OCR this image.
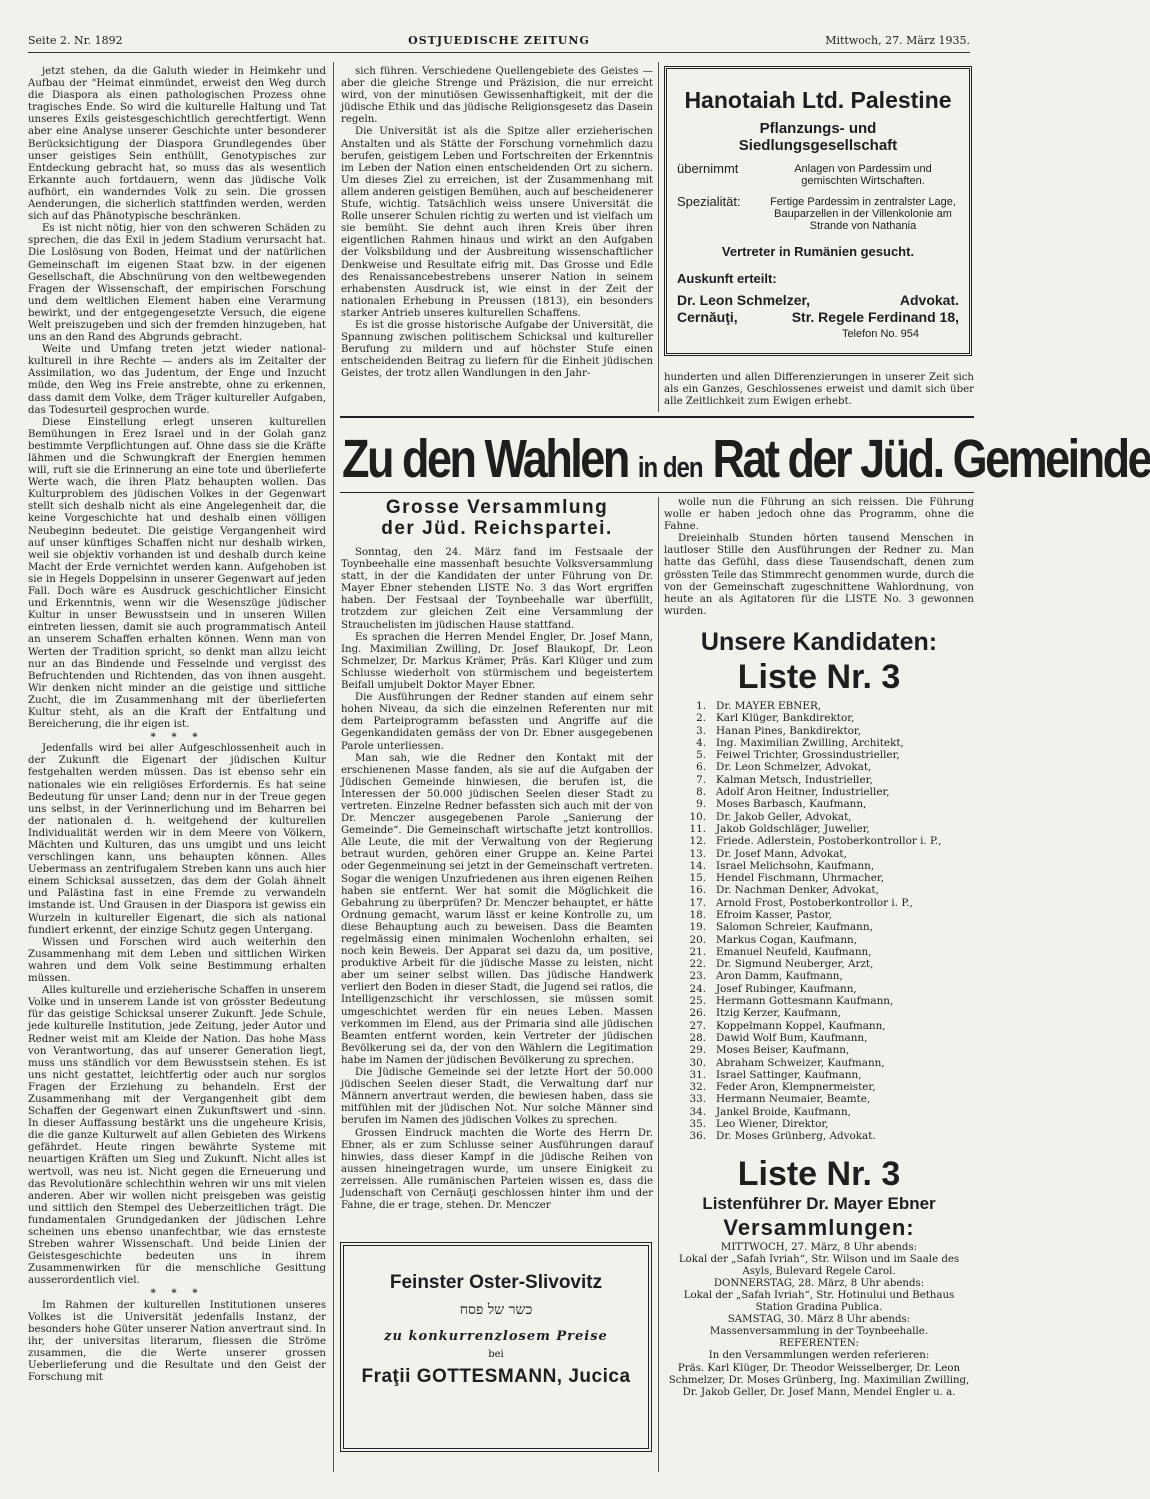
Seite 2. Nr. 1892	OSTJUEDISCHE ZEITUNG	Mittwoch, 27. März 1935.

jetzt stehen, da die Galuth wieder in Heimkehr und Aufbau der "Heimat einmündet, erweist den Weg durch die Diaspora als einen pathologischen Prozess ohne tragisches Ende. So wird die kulturelle Haltung und Tat unseres Exils geistesgeschichtlich gerechtfertigt. Wenn aber eine Analyse unserer Geschichte unter besonderer Berücksichtigung der Diaspora Grundlegendes über unser geistiges Sein enthüllt, Genotypisches zur Entdeckung gebracht hat, so muss das als wesentlich Erkannte auch fortdauern, wenn das jüdische Volk aufhört, ein wanderndes Volk zu sein. Die grossen Aenderungen, die sicherlich stattfinden werden, werden sich auf das Phänotypische beschränken.

Es ist nicht nötig, hier von den schweren Schäden zu sprechen, die das Exil in jedem Stadium verursacht hat. Die Loslösung von Boden, Heimat und der natürlichen Gemeinschaft im eigenen Staat bzw. in der eigenen Gesellschaft, die Abschnürung von den weltbewegenden Fragen der Wissenschaft, der empirischen Forschung und dem weltlichen Element haben eine Verarmung bewirkt, und der entgegengesetzte Versuch, die eigene Welt preiszugeben und sich der fremden hinzugeben, hat uns an den Rand des Abgrunds gebracht.

Weite und Umfang treten jetzt wieder national-kulturell in ihre Rechte — anders als im Zeitalter der Assimilation, wo das Judentum, der Enge und Inzucht müde, den Weg ins Freie anstrebte, ohne zu erkennen, dass damit dem Volke, dem Träger kultureller Aufgaben, das Todesurteil gesprochen wurde.

Diese Einstellung erlegt unseren kulturellen Bemühungen in Erez Israel und in der Golah ganz bestimmte Verpflichtungen auf. Ohne dass sie die Kräfte lähmen und die Schwungkraft der Energien hemmen will, ruft sie die Erinnerung an eine tote und überlieferte Werte wach, die ihren Platz behaupten wollen. Das Kulturproblem des jüdischen Volkes in der Gegenwart stellt sich deshalb nicht als eine Angelegenheit dar, die keine Vorgeschichte hat und deshalb einen völligen Neubeginn bedeutet. Die geistige Vergangenheit wird auf unser künftiges Schaffen nicht nur deshalb wirken, weil sie objektiv vorhanden ist und deshalb durch keine Macht der Erde vernichtet werden kann. Aufgehoben ist sie in Hegels Doppelsinn in unserer Gegenwart auf jeden Fall. Doch wäre es Ausdruck geschichtlicher Einsicht und Erkenntnis, wenn wir die Wesenszüge jüdischer Kultur in unser Bewusstsein und in unseren Willen eintreten liessen, damit sie auch programmatisch Anteil an unserem Schaffen erhalten können. Wenn man von Werten der Tradition spricht, so denkt man allzu leicht nur an das Bindende und Fesselnde und vergisst des Befruchtenden und Richtenden, das von ihnen ausgeht. Wir denken nicht minder an die geistige und sittliche Zucht, die im Zusammenhang mit der überlieferten Kultur steht, als an die Kraft der Entfaltung und Bereicherung, die ihr eigen ist.

* * *

Jedenfalls wird bei aller Aufgeschlossenheit auch in der Zukunft die Eigenart der jüdischen Kultur festgehalten werden müssen. Das ist ebenso sehr ein nationales wie ein religiöses Erfordernis. Es hat seine Bedeutung für unser Land; denn nur in der Treue gegen uns selbst, in der Verinnerlichung und im Beharren bei der nationalen d. h. weitgehend der kulturellen Individualität werden wir in dem Meere von Völkern, Mächten und Kulturen, das uns umgibt und uns leicht verschlingen kann, uns behaupten können. Alles Uebermass an zentrifugalem Streben kann uns auch hier einem Schicksal aussetzen, das dem der Golah ähnelt und Palästina fast in eine Fremde zu verwandeln imstande ist. Und Grausen in der Diaspora ist gewiss ein Wurzeln in kultureller Eigenart, die sich als national fundiert erkennt, der einzige Schutz gegen Untergang.

Wissen und Forschen wird auch weiterhin den Zusammenhang mit dem Leben und sittlichen Wirken wahren und dem Volk seine Bestimmung erhalten müssen.

Alles kulturelle und erzieherische Schaffen in unserem Volke und in unserem Lande ist von grösster Bedeutung für das geistige Schicksal unserer Zukunft. Jede Schule, jede kulturelle Institution, jede Zeitung, jeder Autor und Redner weist mit am Kleide der Nation. Das hohe Mass von Verantwortung, das auf unserer Generation liegt, muss uns ständlich vor dem Bewusstsein stehen. Es ist uns nicht gestattet, leichtfertig oder auch nur sorglos Fragen der Erziehung zu behandeln. Erst der Zusammenhang mit der Vergangenheit gibt dem Schaffen der Gegenwart einen Zukunftswert und -sinn. In dieser Auffassung bestärkt uns die ungeheure Krisis, die die ganze Kulturwelt auf allen Gebieten des Wirkens gefährdet. Heute ringen bewährte Systeme mit neuartigen Kräften um Sieg und Zukunft. Nicht alles ist wertvoll, was neu ist. Nicht gegen die Erneuerung und das Revolutionäre schlechthin wehren wir uns mit vielen anderen. Aber wir wollen nicht preisgeben was geistig und sittlich den Stempel des Ueberzeitlichen trägt. Die fundamentalen Grundgedanken der jüdischen Lehre scheinen uns ebenso unanfechtbar, wie das ernsteste Streben wahrer Wissenschaft. Und beide Linien der Geistesgeschichte bedeuten uns in ihrem Zusammenwirken für die menschliche Gesittung ausserordentlich viel.

* * *

Im Rahmen der kulturellen Institutionen unseres Volkes ist die Universität jedenfalls Instanz, der besonders hohe Güter unserer Nation anvertraut sind. In ihr, der universitas literarum, fliessen die Ströme zusammen, die die Werte unserer grossen Ueberlieferung und die Resultate und den Geist der Forschung mit

sich führen. Verschiedene Quellengebiete des Geistes — aber die gleiche Strenge und Präzision, die nur erreicht wird, von der minutiösen Gewissenhaftigkeit, mit der die jüdische Ethik und das jüdische Religionsgesetz das Dasein regeln.

Die Universität ist als die Spitze aller erzieherischen Anstalten und als Stätte der Forschung vornehmlich dazu berufen, geistigem Leben und Fortschreiten der Erkenntnis im Leben der Nation einen entscheidenden Ort zu sichern. Um dieses Ziel zu erreichen, ist der Zusammenhang mit allem anderen geistigen Bemühen, auch auf bescheidenerer Stufe, wichtig. Tatsächlich weiss unsere Universität die Rolle unserer Schulen richtig zu werten und ist vielfach um sie bemüht. Sie dehnt auch ihren Kreis über ihren eigentlichen Rahmen hinaus und wirkt an den Aufgaben der Volksbildung und der Ausbreitung wissenschaftlicher Denkweise und Resultate eifrig mit. Das Grosse und Edle des Renaissancebestrebens unserer Nation in seinem erhabensten Ausdruck ist, wie einst in der Zeit der nationalen Erhebung in Preussen (1813), ein besonders starker Antrieb unseres kulturellen Schaffens.

Es ist die grosse historische Aufgabe der Universität, die Spannung zwischen politischem Schicksal und kultureller Berufung zu mildern und auf höchster Stufe einen entscheidenden Beitrag zu liefern für die Einheit jüdischen Geistes, der trotz allen Wandlungen in den Jahr-

Hanotaiah Ltd. Palestine
Pflanzungs- und
Siedlungsgesellschaft
übernimmt	Anlagen von Pardessim und gemischten Wirtschaften.
Spezialität:	Fertige Pardessim in zentralster Lage, Bauparzellen in der Villenkolonie am Strande von Nathania
Vertreter in Rumänien gesucht.
Auskunft erteilt:
Dr. Leon Schmelzer,	Advokat.
Cernăuţi,	Str. Regele Ferdinand 18,
Telefon No. 954

hunderten und allen Differenzierungen in unserer Zeit sich als ein Ganzes, Geschlossenes erweist und damit sich über alle Zeitlichkeit zum Ewigen erhebt.

Zu den Wahlen in den Rat der Jüd. Gemeinde
Grosse Versammlung
der Jüd. Reichspartei.

Sonntag, den 24. März fand im Festsaale der Toynbeehalle eine massenhaft besuchte Volksversammlung statt, in der die Kandidaten der unter Führung von Dr. Mayer Ebner stehenden LISTE No. 3 das Wort ergriffen haben. Der Festsaal der Toynbeehalle war überfüllt, trotzdem zur gleichen Zeit eine Versammlung der Strauchelisten im jüdischen Hause stattfand.

Es sprachen die Herren Mendel Engler, Dr. Josef Mann, Ing. Maximilian Zwilling, Dr. Josef Blaukopf, Dr. Leon Schmelzer, Dr. Markus Krämer, Präs. Karl Klüger und zum Schlusse wiederholt von stürmischem und begeistertem Beifall umjubelt Doktor Mayer Ebner.

Die Ausführungen der Redner standen auf einem sehr hohen Niveau, da sich die einzelnen Referenten nur mit dem Parteiprogramm befassten und Angriffe auf die Gegenkandidaten gemäss der von Dr. Ebner ausgegebenen Parole unterliessen.

Man sah, wie die Redner den Kontakt mit der erschienenen Masse fanden, als sie auf die Aufgaben der Jüdischen Gemeinde hinwiesen, die berufen ist, die Interessen der 50.000 jüdischen Seelen dieser Stadt zu vertreten. Einzelne Redner befassten sich auch mit der von Dr. Menczer ausgegebenen Parole „Sanierung der Gemeinde“. Die Gemeinschaft wirtschafte jetzt kontrolllos. Alle Leute, die mit der Verwaltung von der Regierung betraut wurden, gehören einer Gruppe an. Keine Partei oder Gegenmeinung sei jetzt in der Gemeinschaft vertreten. Sogar die wenigen Unzufriedenen aus ihren eigenen Reihen haben sie entfernt. Wer hat somit die Möglichkeit die Gebahrung zu überprüfen? Dr. Menczer behauptet, er hätte Ordnung gemacht, warum lässt er keine Kontrolle zu, um diese Behauptung auch zu beweisen. Dass die Beamten regelmässig einen minimalen Wochenlohn erhalten, sei noch kein Beweis. Der Apparat sei dazu da, um positive, produktive Arbeit für die jüdische Masse zu leisten, nicht aber um seiner selbst willen. Das jüdische Handwerk verliert den Boden in dieser Stadt, die Jugend sei ratlos, die Intelligenzschicht ihr verschlossen, sie müssen somit umgeschichtet werden für ein neues Leben. Massen verkommen im Elend, aus der Primaria sind alle jüdischen Beamten entfernt worden, kein Vertreter der jüdischen Bevölkerung sei da, der von den Wählern die Legitimation habe im Namen der jüdischen Bevölkerung zu sprechen.

Die Jüdische Gemeinde sei der letzte Hort der 50.000 jüdischen Seelen dieser Stadt, die Verwaltung darf nur Männern anvertraut werden, die bewiesen haben, dass sie mitfühlen mit der jüdischen Not. Nur solche Männer sind berufen im Namen des jüdischen Volkes zu sprechen.

Grossen Eindruck machten die Worte des Herrn Dr. Ebner, als er zum Schlusse seiner Ausführungen darauf hinwies, dass dieser Kampf in die jüdische Reihen von aussen hineingetragen wurde, um unsere Einigkeit zu zerreissen. Alle rumänischen Parteien wissen es, dass die Judenschaft von Cernăuţi geschlossen hinter ihm und der Fahne, die er trage, stehen. Dr. Menczer

wolle nun die Führung an sich reissen. Die Führung wolle er haben jedoch ohne das Programm, ohne die Fahne.

Dreieinhalb Stunden hörten tausend Menschen in lautloser Stille den Ausführungen der Redner zu. Man hatte das Gefühl, dass diese Tausendschaft, denen zum grössten Teile das Stimmrecht genommen wurde, durch die von der Gemeinschaft zugeschnittene Wahlordnung, von heute an als Agitatoren für die LISTE No. 3 gewonnen wurden.

Unsere Kandidaten:
Liste Nr. 3
1. Dr. MAYER EBNER,
2. Karl Klüger, Bankdirektor,
3. Hanan Pines, Bankdirektor,
4. Ing. Maximilian Zwilling, Architekt,
5. Feiwel Trichter, Grossindustrieller,
6. Dr. Leon Schmelzer, Advokat,
7. Kalman Metsch, Industrieller,
8. Adolf Aron Heitner, Industrieller,
9. Moses Barbasch, Kaufmann,
10. Dr. Jakob Geller, Advokat,
11. Jakob Goldschläger, Juwelier,
12. Friede. Adlerstein, Postoberkontrollor i. P.,
13. Dr. Josef Mann, Advokat,
14. Israel Melichsohn, Kaufmann,
15. Hendel Fischmann, Uhrmacher,
16. Dr. Nachman Denker, Advokat,
17. Arnold Frost, Postoberkontrollor i. P.,
18. Efroim Kasser, Pastor,
19. Salomon Schreier, Kaufmann,
20. Markus Cogan, Kaufmann,
21. Emanuel Neufeld, Kaufmann,
22. Dr. Sigmund Neuberger, Arzt,
23. Aron Damm, Kaufmann,
24. Josef Rubinger, Kaufmann,
25. Hermann Gottesmann Kaufmann,
26. Itzig Kerzer, Kaufmann,
27. Koppelmann Koppel, Kaufmann,
28. Dawid Wolf Bum, Kaufmann,
29. Moses Beiser, Kaufmann,
30. Abraham Schweizer, Kaufmann,
31. Israel Sattinger, Kaufmann,
32. Feder Aron, Klempnermeister,
33. Hermann Neumaier, Beamte,
34. Jankel Broide, Kaufmann,
35. Leo Wiener, Direktor,
36. Dr. Moses Grünberg, Advokat.
Liste Nr. 3
Listenführer Dr. Mayer Ebner
Versammlungen:

MITTWOCH, 27. März, 8 Uhr abends:

Lokal der „Safah Ivriah“, Str. Wilson und im Saale des Asyls, Bulevard Regele Carol.

DONNERSTAG, 28. März, 8 Uhr abends:

Lokal der „Safah Ivriah“, Str. Hotinului und Bethaus Station Gradina Publica.

SAMSTAG, 30. März 8 Uhr abends:

Massenversammlung in der Toynbeehalle.

REFERENTEN:

In den Versammlungen werden referieren:

Präs. Karl Klüger, Dr. Theodor Weisselberger, Dr. Leon Schmelzer, Dr. Moses Grünberg, Ing. Maximilian Zwilling, Dr. Jakob Geller, Dr. Josef Mann, Mendel Engler u. a.

Feinster Oster-Slivovitz
כשר של פסח
zu konkurrenzlosem Preise
bei
Fraţii GOTTESMANN, Jucica
